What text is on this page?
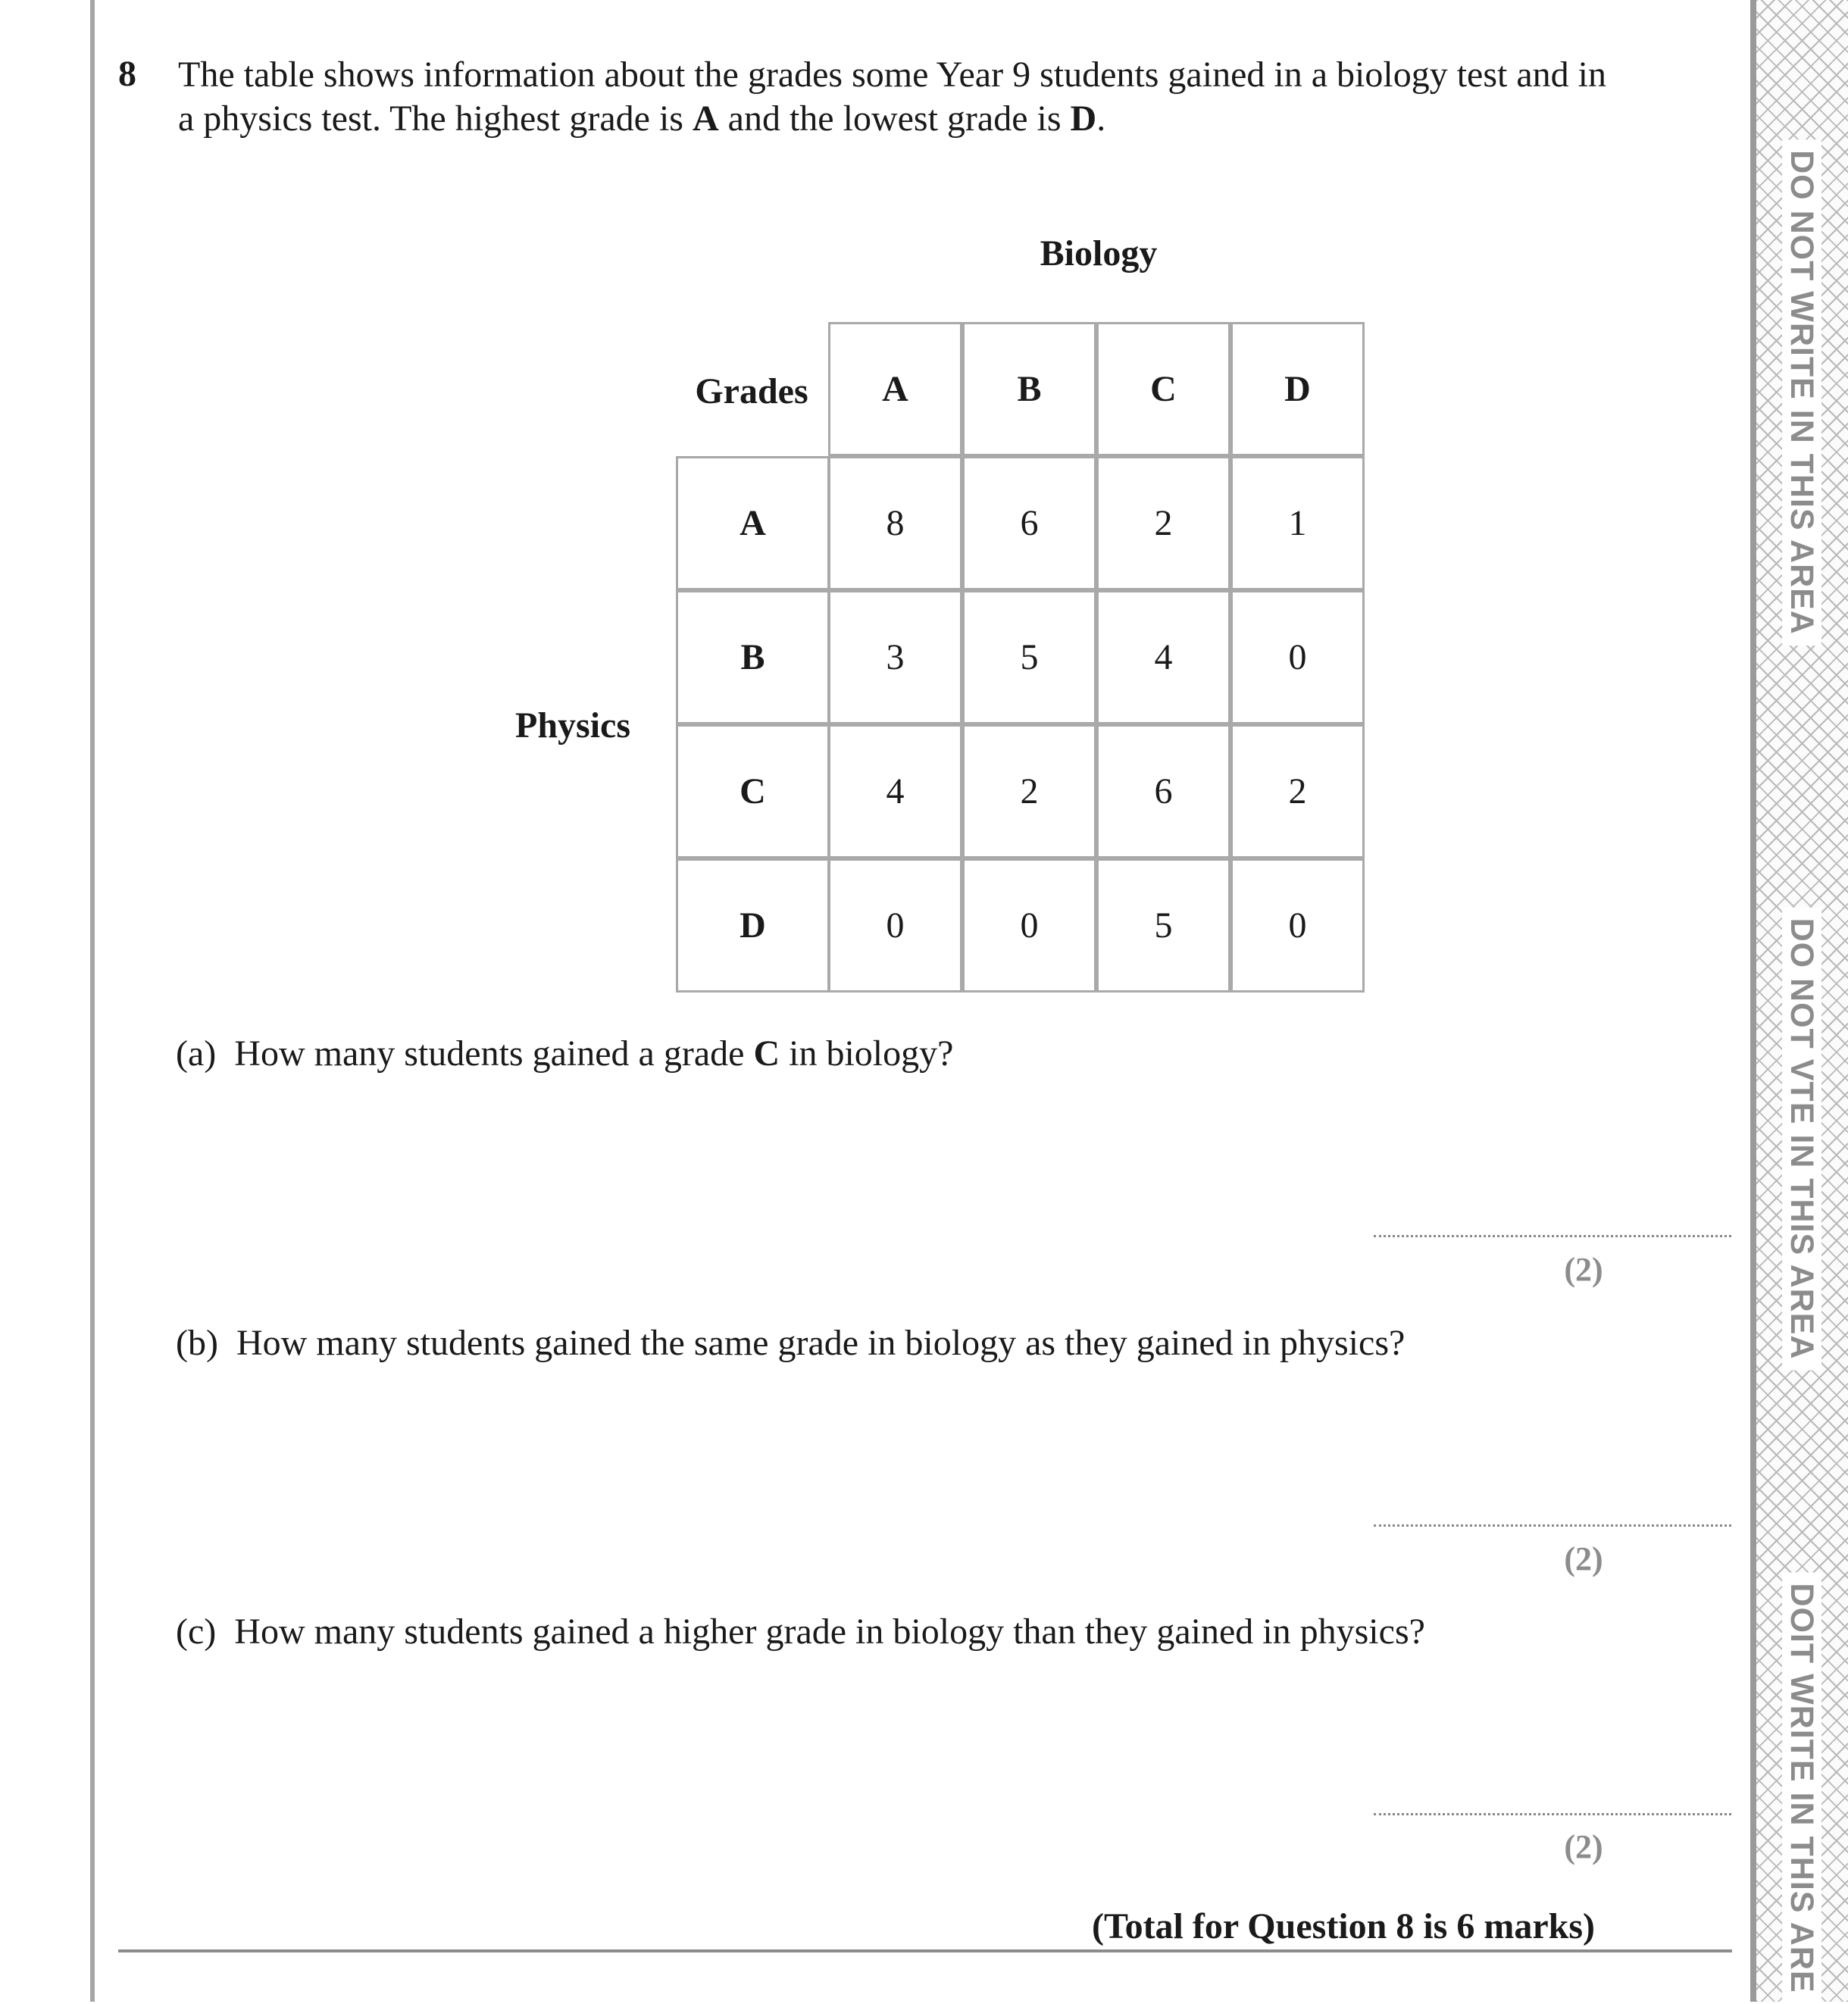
DO NOT WRITE IN THIS AREA
DO NOT VTE IN THIS AREA
DOIT WRITE IN THIS ARE
8 The table shows information about the grades some Year 9 students gained in a biology test and in a physics test. The highest grade is A and the lowest grade is D.

Biology
Physics
Grades	A	B	C	D
A	8	6	2	1
B	3	5	4	0
C	4	2	6	2
D	0	0	5	0

(a) How many students gained a grade C in biology?

(2)

(b) How many students gained the same grade in biology as they gained in physics?

(2)

(c) How many students gained a higher grade in biology than they gained in physics?

(2)
(Total for Question 8 is 6 marks)
